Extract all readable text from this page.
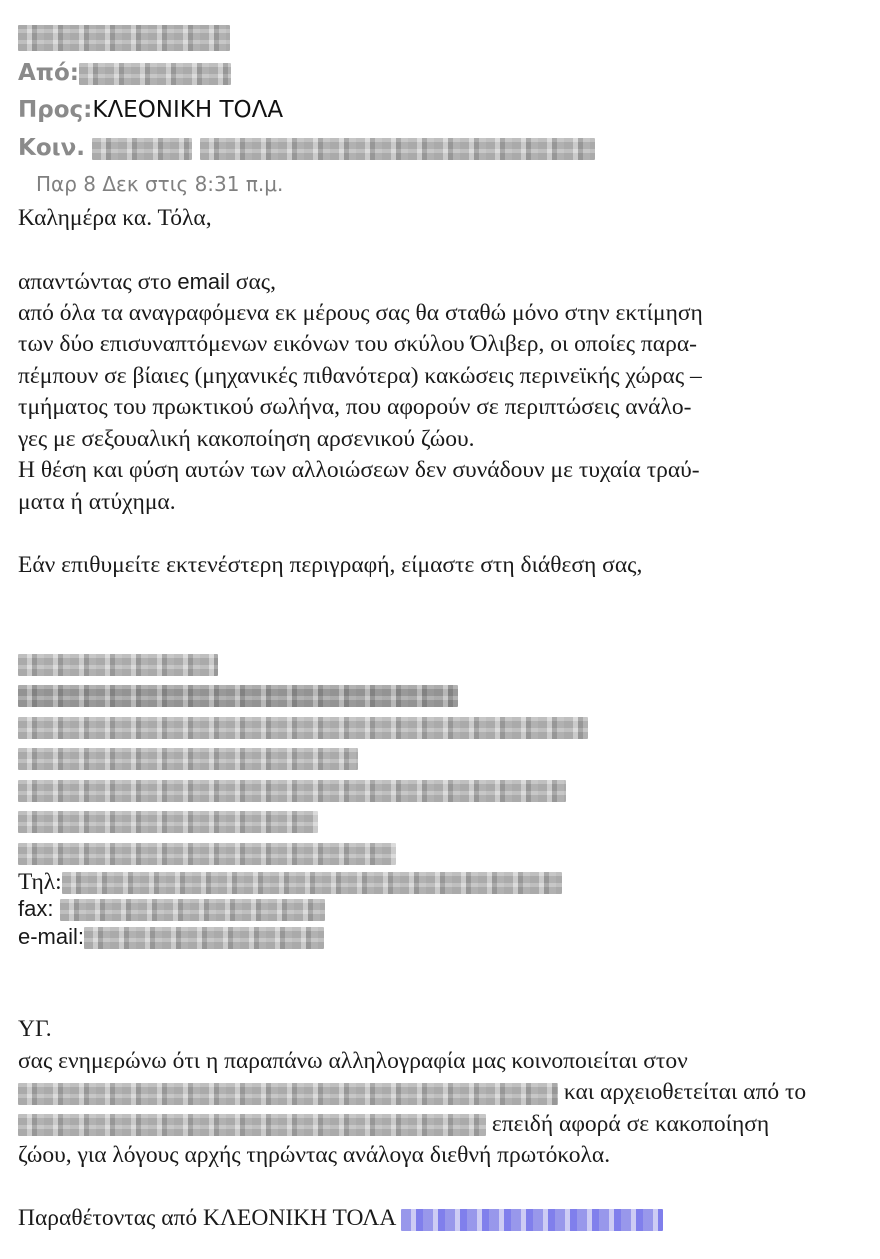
Από:
Προς:ΚΛΕΟΝΙΚΗ ΤΟΛΑ
Κοιν.
Παρ 8 Δεκ στις 8:31 π.μ.
Καλημέρα κα. Τόλα,
απαντώντας στο email σας,
από όλα τα αναγραφόμενα εκ μέρους σας θα σταθώ μόνο στην εκτίμηση
των δύο επισυναπτόμενων εικόνων του σκύλου Όλιβερ, οι οποίες παρα-
πέμπουν σε βίαιες (μηχανικές πιθανότερα) κακώσεις περινεϊκής χώρας –
τμήματος του πρωκτικού σωλήνα, που αφορούν σε περιπτώσεις ανάλο-
γες με σεξουαλική κακοποίηση αρσενικού ζώου.
Η θέση και φύση αυτών των αλλοιώσεων δεν συνάδουν με τυχαία τραύ-
ματα ή ατύχημα.
Εάν επιθυμείτε εκτενέστερη περιγραφή, είμαστε στη διάθεση σας,
Τηλ:
fax:
e-mail:
ΥΓ.
σας ενημερώνω ότι η παραπάνω αλληλογραφία μας κοινοποιείται στον
και αρχειοθετείται από το
επειδή αφορά σε κακοποίηση
ζώου, για λόγους αρχής τηρώντας ανάλογα διεθνή πρωτόκολα.
Παραθέτοντας από ΚΛΕΟΝΙΚΗ ΤΟΛΑ
